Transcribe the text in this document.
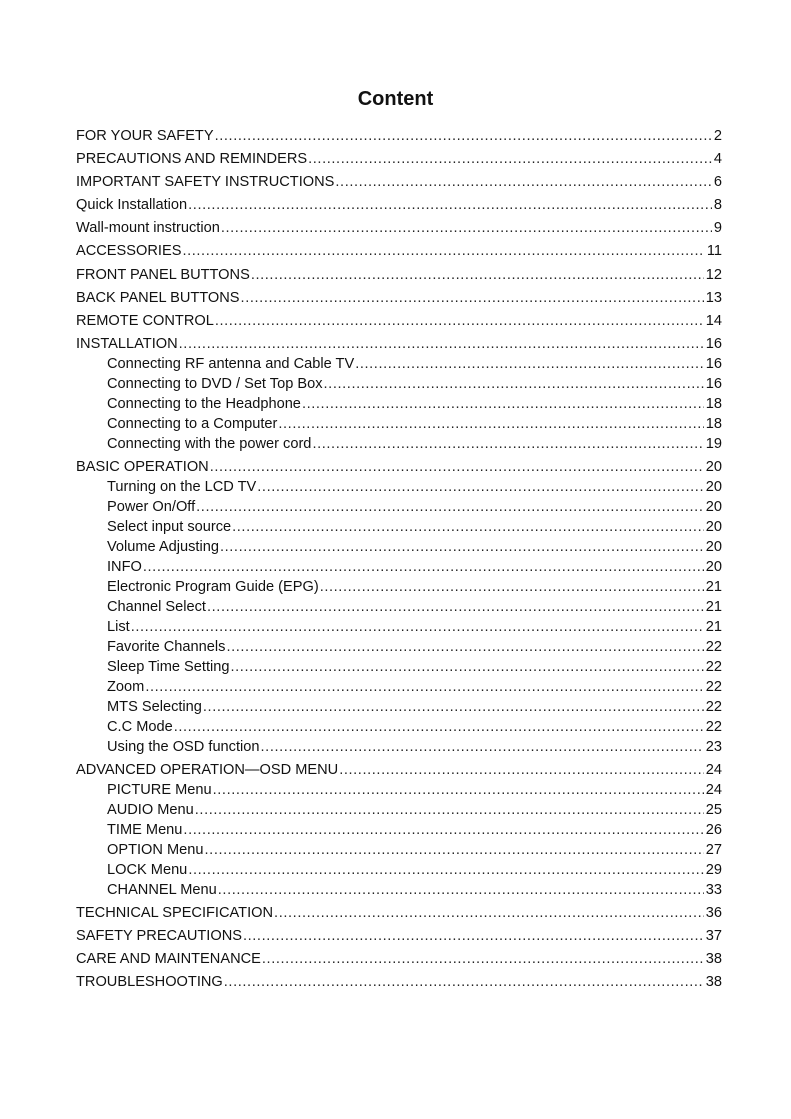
Content
FOR YOUR SAFETY .....	2
PRECAUTIONS AND REMINDERS .....	4
IMPORTANT SAFETY INSTRUCTIONS .....	6
Quick Installation .....	8
Wall-mount instruction .....	9
ACCESSORIES .....	11
FRONT PANEL BUTTONS .....	12
BACK PANEL BUTTONS .....	13
REMOTE CONTROL .....	14
INSTALLATION .....	16
Connecting RF antenna and Cable TV .....	16
Connecting to DVD / Set Top Box .....	16
Connecting to the Headphone .....	18
Connecting to a Computer .....	18
Connecting with the power cord .....	19
BASIC OPERATION .....	20
Turning on the LCD TV .....	20
Power On/Off .....	20
Select input source .....	20
Volume Adjusting .....	20
INFO .....	20
Electronic Program Guide (EPG) .....	21
Channel Select .....	21
List .....	21
Favorite Channels .....	22
Sleep Time Setting .....	22
Zoom .....	22
MTS Selecting .....	22
C.C Mode .....	22
Using the OSD function .....	23
ADVANCED OPERATION—OSD MENU .....	24
PICTURE Menu .....	24
AUDIO Menu .....	25
TIME Menu .....	26
OPTION Menu .....	27
LOCK Menu .....	29
CHANNEL Menu .....	33
TECHNICAL SPECIFICATION .....	36
SAFETY PRECAUTIONS .....	37
CARE AND MAINTENANCE .....	38
TROUBLESHOOTING .....	38
